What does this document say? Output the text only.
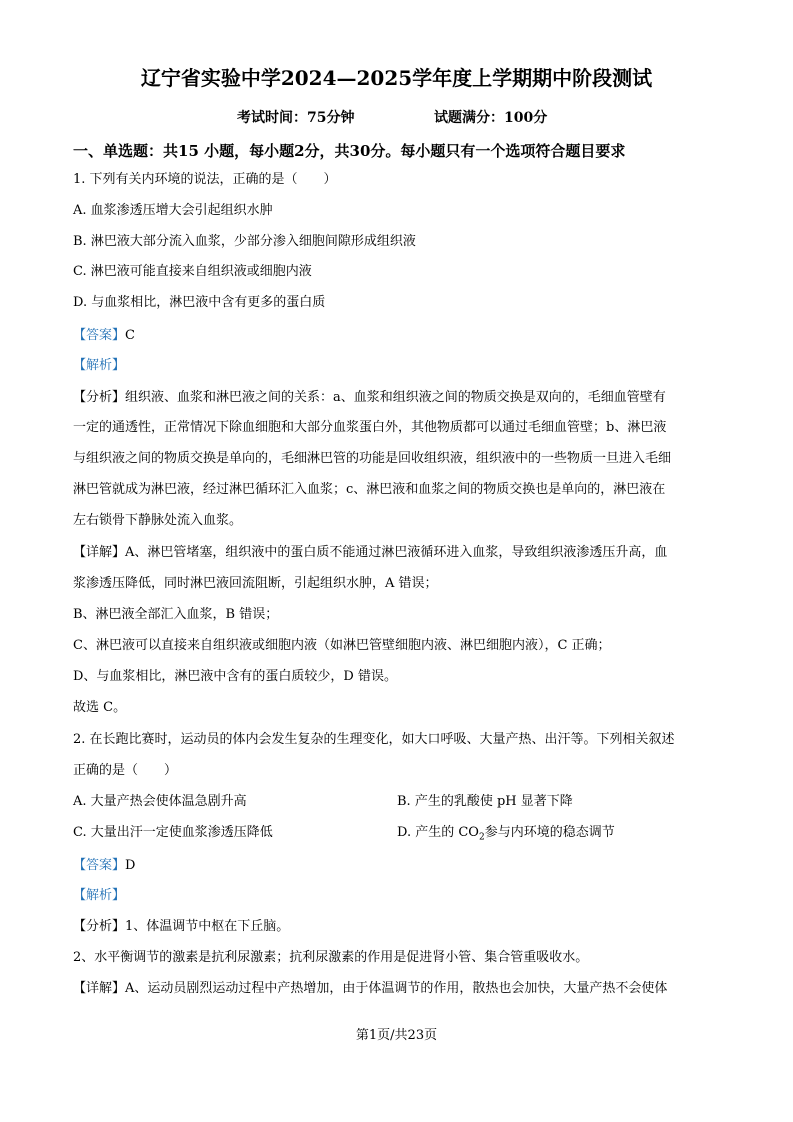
辽宁省实验中学2024—2025学年度上学期期中阶段测试
考试时间：75分钟	试题满分：100分
一、单选题：共15 小题，每小题2分，共30分。每小题只有一个选项符合题目要求
1. 下列有关内环境的说法，正确的是（　　）
A. 血浆渗透压增大会引起组织水肿
B. 淋巴液大部分流入血浆，少部分渗入细胞间隙形成组织液
C. 淋巴液可能直接来自组织液或细胞内液
D. 与血浆相比，淋巴液中含有更多的蛋白质
【答案】C
【解析】
【分析】组织液、血浆和淋巴液之间的关系：a、血浆和组织液之间的物质交换是双向的，毛细血管壁有
一定的通透性，正常情况下除血细胞和大部分血浆蛋白外，其他物质都可以通过毛细血管壁；b、淋巴液
与组织液之间的物质交换是单向的，毛细淋巴管的功能是回收组织液，组织液中的一些物质一旦进入毛细
淋巴管就成为淋巴液，经过淋巴循环汇入血浆；c、淋巴液和血浆之间的物质交换也是单向的，淋巴液在
左右锁骨下静脉处流入血浆。
【详解】A、淋巴管堵塞，组织液中的蛋白质不能通过淋巴液循环进入血浆，导致组织液渗透压升高，血
浆渗透压降低，同时淋巴液回流阻断，引起组织水肿，A 错误；
B、淋巴液全部汇入血浆，B 错误；
C、淋巴液可以直接来自组织液或细胞内液（如淋巴管壁细胞内液、淋巴细胞内液），C 正确；
D、与血浆相比，淋巴液中含有的蛋白质较少，D 错误。
故选 C。
2. 在长跑比赛时，运动员的体内会发生复杂的生理变化，如大口呼吸、大量产热、出汗等。下列相关叙述
正确的是（　　）
A. 大量产热会使体温急剧升高	B. 产生的乳酸使 pH 显著下降
C. 大量出汗一定使血浆渗透压降低	D. 产生的 $CO_2$参与内环境的稳态调节
【答案】D
【解析】
【分析】1、体温调节中枢在下丘脑。
2、水平衡调节的激素是抗利尿激素；抗利尿激素的作用是促进肾小管、集合管重吸收水。
【详解】A、运动员剧烈运动过程中产热增加，由于体温调节的作用，散热也会加快，大量产热不会使体
第1页/共23页
